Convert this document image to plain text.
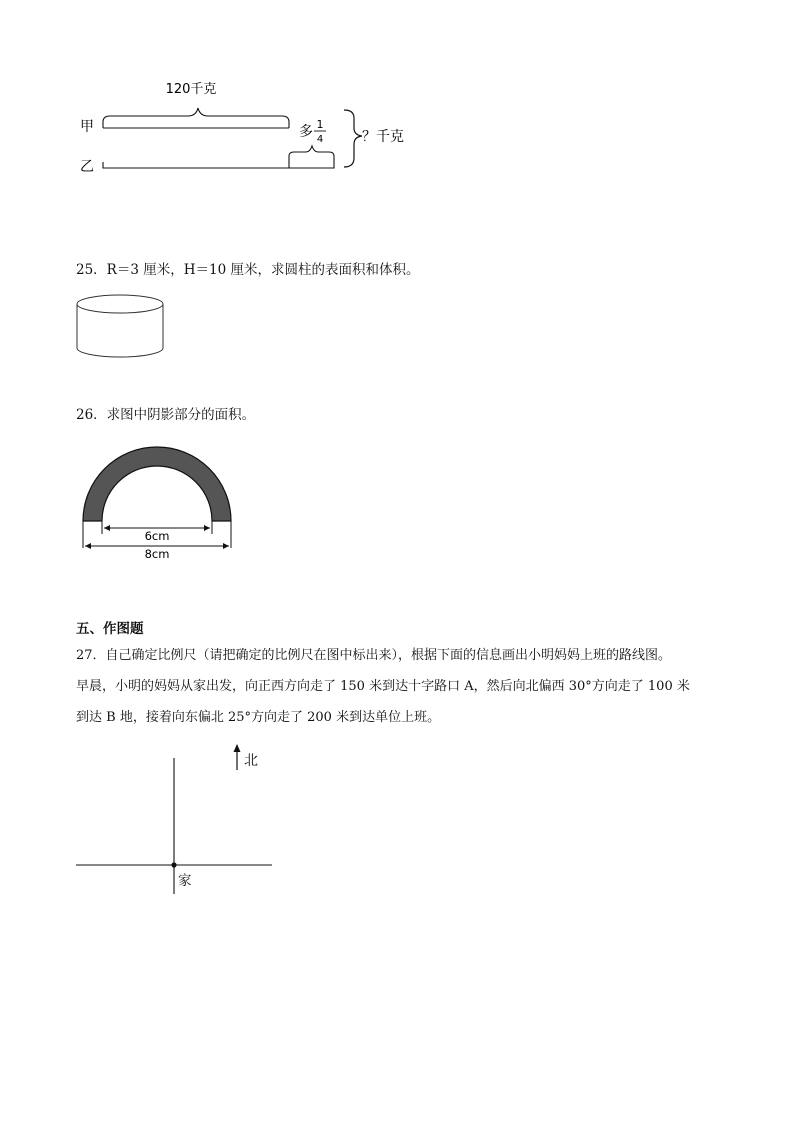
120千克
甲
乙
多 1
4	？千克
25．R＝3 厘米，H＝10 厘米，求圆柱的表面积和体积。
26．求图中阴影部分的面积。
6cm
8cm
五、作图题
27．自己确定比例尺（请把确定的比例尺在图中标出来），根据下面的信息画出小明妈妈上班的路线图。
早晨，小明的妈妈从家出发，向正西方向走了 150 米到达十字路口 A，然后向北偏西 30°方向走了 100 米
到达 B 地，接着向东偏北 25°方向走了 200 米到达单位上班。
北
家
